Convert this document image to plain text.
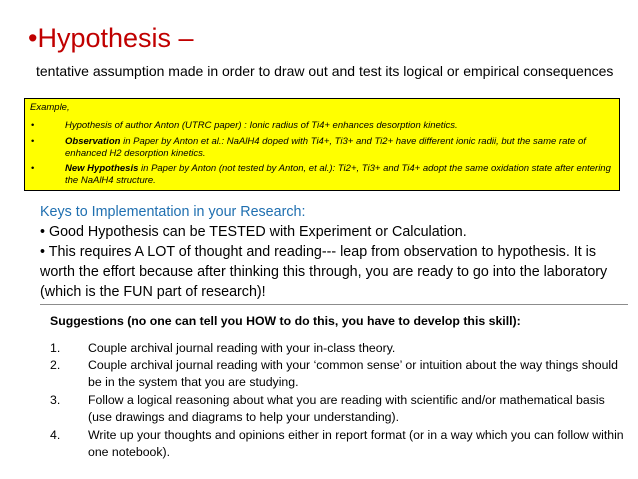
•Hypothesis –

tentative assumption made in order to draw out and test its logical or empirical consequences

Example,
•	Hypothesis of author Anton (UTRC paper) : Ionic radius of Ti4+ enhances desorption kinetics.
•	Observation in Paper by Anton et al.: NaAlH4 doped with Ti4+, Ti3+ and Ti2+ have different ionic radii, but the same rate of enhanced H2 desorption kinetics.
•	New Hypothesis in Paper by Anton (not tested by Anton, et al.): Ti2+, Ti3+ and Ti4+ adopt the same oxidation state after entering the NaAlH4 structure.

Keys to Implementation in your Research:

• Good Hypothesis can be TESTED with Experiment or Calculation.

• This requires A LOT of thought and reading--- leap from observation to hypothesis. It is worth the effort because after thinking this through, you are ready to go into the laboratory (which is the FUN part of research)!

Suggestions (no one can tell you HOW to do this, you have to develop this skill):
1. Couple archival journal reading with your in-class theory.
2. Couple archival journal reading with your ‘common sense’ or intuition about the way things should be in the system that you are studying.
3. Follow a logical reasoning about what you are reading with scientific and/or mathematical basis (use drawings and diagrams to help your understanding).
4. Write up your thoughts and opinions either in report format (or in a way which you can follow within one notebook).
